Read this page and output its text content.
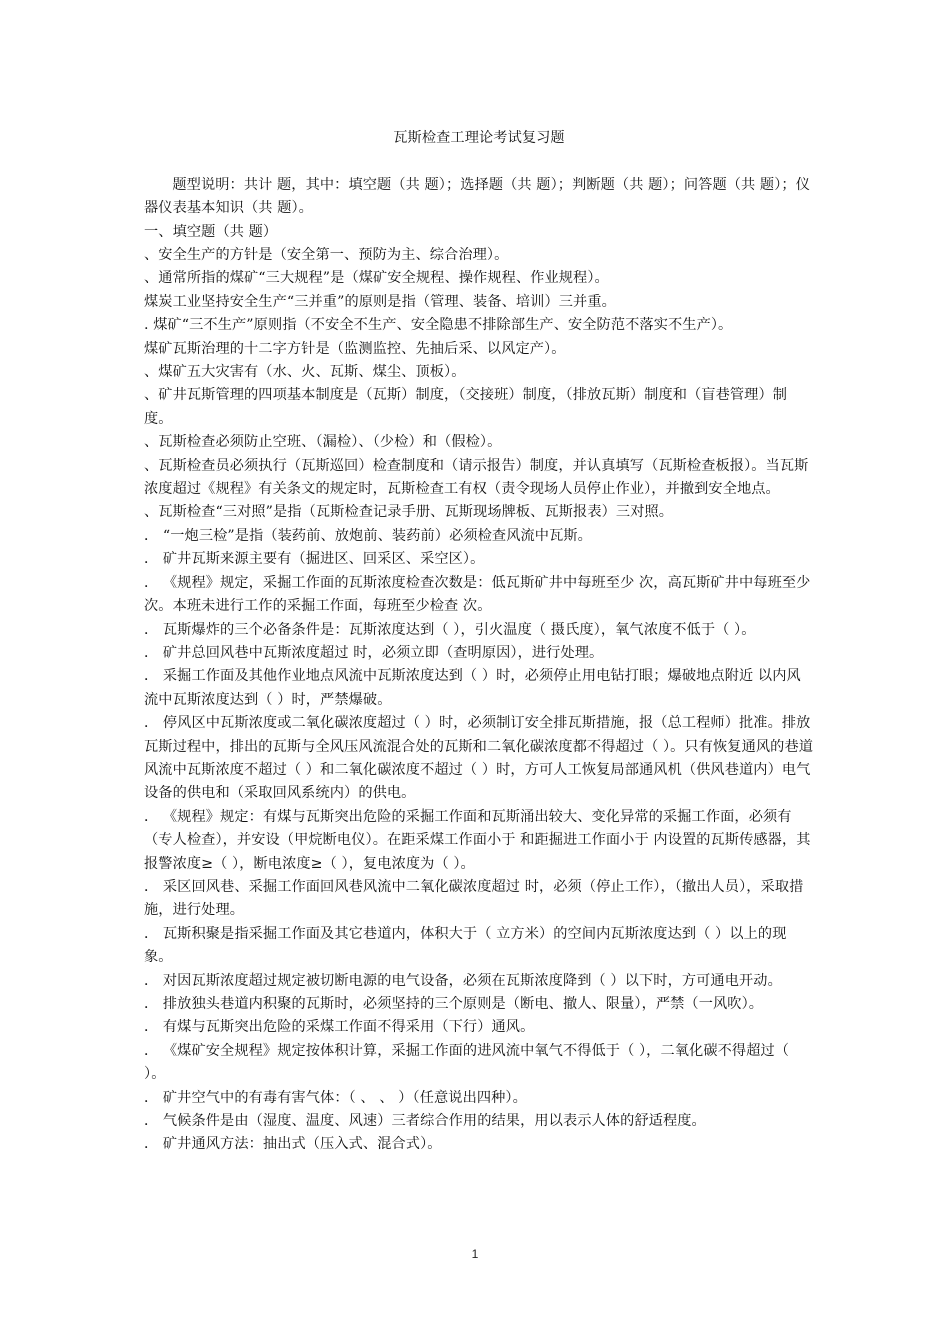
瓦斯检查工理论考试复习题

题型说明：共计 题，其中：填空题（共 题）；选择题（共 题）；判断题（共 题）；问答题（共 题）；仪器仪表基本知识（共 题）。

一、填空题（共 题）

、安全生产的方针是（安全第一、预防为主、综合治理）。

、通常所指的煤矿“三大规程”是（煤矿安全规程、操作规程、作业规程）。

煤炭工业坚持安全生产“三并重”的原则是指（管理、装备、培训）三并重。

. 煤矿“三不生产”原则指（不安全不生产、安全隐患不排除部生产、安全防范不落实不生产）。

煤矿瓦斯治理的十二字方针是（监测监控、先抽后采、以风定产）。

、煤矿五大灾害有（水、火、瓦斯、煤尘、顶板）。

、矿井瓦斯管理的四项基本制度是（瓦斯）制度，（交接班）制度，（排放瓦斯）制度和（盲巷管理）制度。

、瓦斯检查必须防止空班、（漏检）、（少检）和（假检）。

、瓦斯检查员必须执行（瓦斯巡回）检查制度和（请示报告）制度，并认真填写（瓦斯检查板报）。当瓦斯浓度超过《规程》有关条文的规定时，瓦斯检查工有权（责令现场人员停止作业），并撤到安全地点。

、瓦斯检查“三对照”是指（瓦斯检查记录手册、瓦斯现场牌板、瓦斯报表）三对照。

． “一炮三检”是指（装药前、放炮前、装药前）必须检查风流中瓦斯。

． 矿井瓦斯来源主要有（掘进区、回采区、采空区）。

． 《规程》规定，采掘工作面的瓦斯浓度检查次数是：低瓦斯矿井中每班至少 次，高瓦斯矿井中每班至少 次。本班未进行工作的采掘工作面，每班至少检查 次。

． 瓦斯爆炸的三个必备条件是：瓦斯浓度达到（ ），引火温度（ 摄氏度），氧气浓度不低于（ ）。

． 矿井总回风巷中瓦斯浓度超过 时，必须立即（查明原因），进行处理。

． 采掘工作面及其他作业地点风流中瓦斯浓度达到（ ）时，必须停止用电钻打眼；爆破地点附近 以内风流中瓦斯浓度达到（ ）时，严禁爆破。

． 停风区中瓦斯浓度或二氧化碳浓度超过（ ）时，必须制订安全排瓦斯措施，报（总工程师）批准。排放瓦斯过程中，排出的瓦斯与全风压风流混合处的瓦斯和二氧化碳浓度都不得超过（ ）。只有恢复通风的巷道风流中瓦斯浓度不超过（ ）和二氧化碳浓度不超过（ ）时，方可人工恢复局部通风机（供风巷道内）电气设备的供电和（采取回风系统内）的供电。

． 《规程》规定：有煤与瓦斯突出危险的采掘工作面和瓦斯涌出较大、变化异常的采掘工作面，必须有（专人检查），并安设（甲烷断电仪）。在距采煤工作面小于 和距掘进工作面小于 内设置的瓦斯传感器，其报警浓度≥（ ），断电浓度≥（ ），复电浓度为（ ）。

． 采区回风巷、采掘工作面回风巷风流中二氧化碳浓度超过 时，必须（停止工作），（撤出人员），采取措施，进行处理。

． 瓦斯积聚是指采掘工作面及其它巷道内，体积大于（ 立方米）的空间内瓦斯浓度达到（ ）以上的现象。

． 对因瓦斯浓度超过规定被切断电源的电气设备，必须在瓦斯浓度降到（ ）以下时，方可通电开动。

． 排放独头巷道内积聚的瓦斯时，必须坚持的三个原则是（断电、撤人、限量），严禁（一风吹）。

． 有煤与瓦斯突出危险的采煤工作面不得采用（下行）通风。

． 《煤矿安全规程》规定按体积计算，采掘工作面的进风流中氧气不得低于（ ），二氧化碳不得超过（ ）。

． 矿井空气中的有毒有害气体：（ 、 、 ）（任意说出四种）。

． 气候条件是由（湿度、温度、风速）三者综合作用的结果，用以表示人体的舒适程度。

． 矿井通风方法：抽出式（压入式、混合式）。

1
